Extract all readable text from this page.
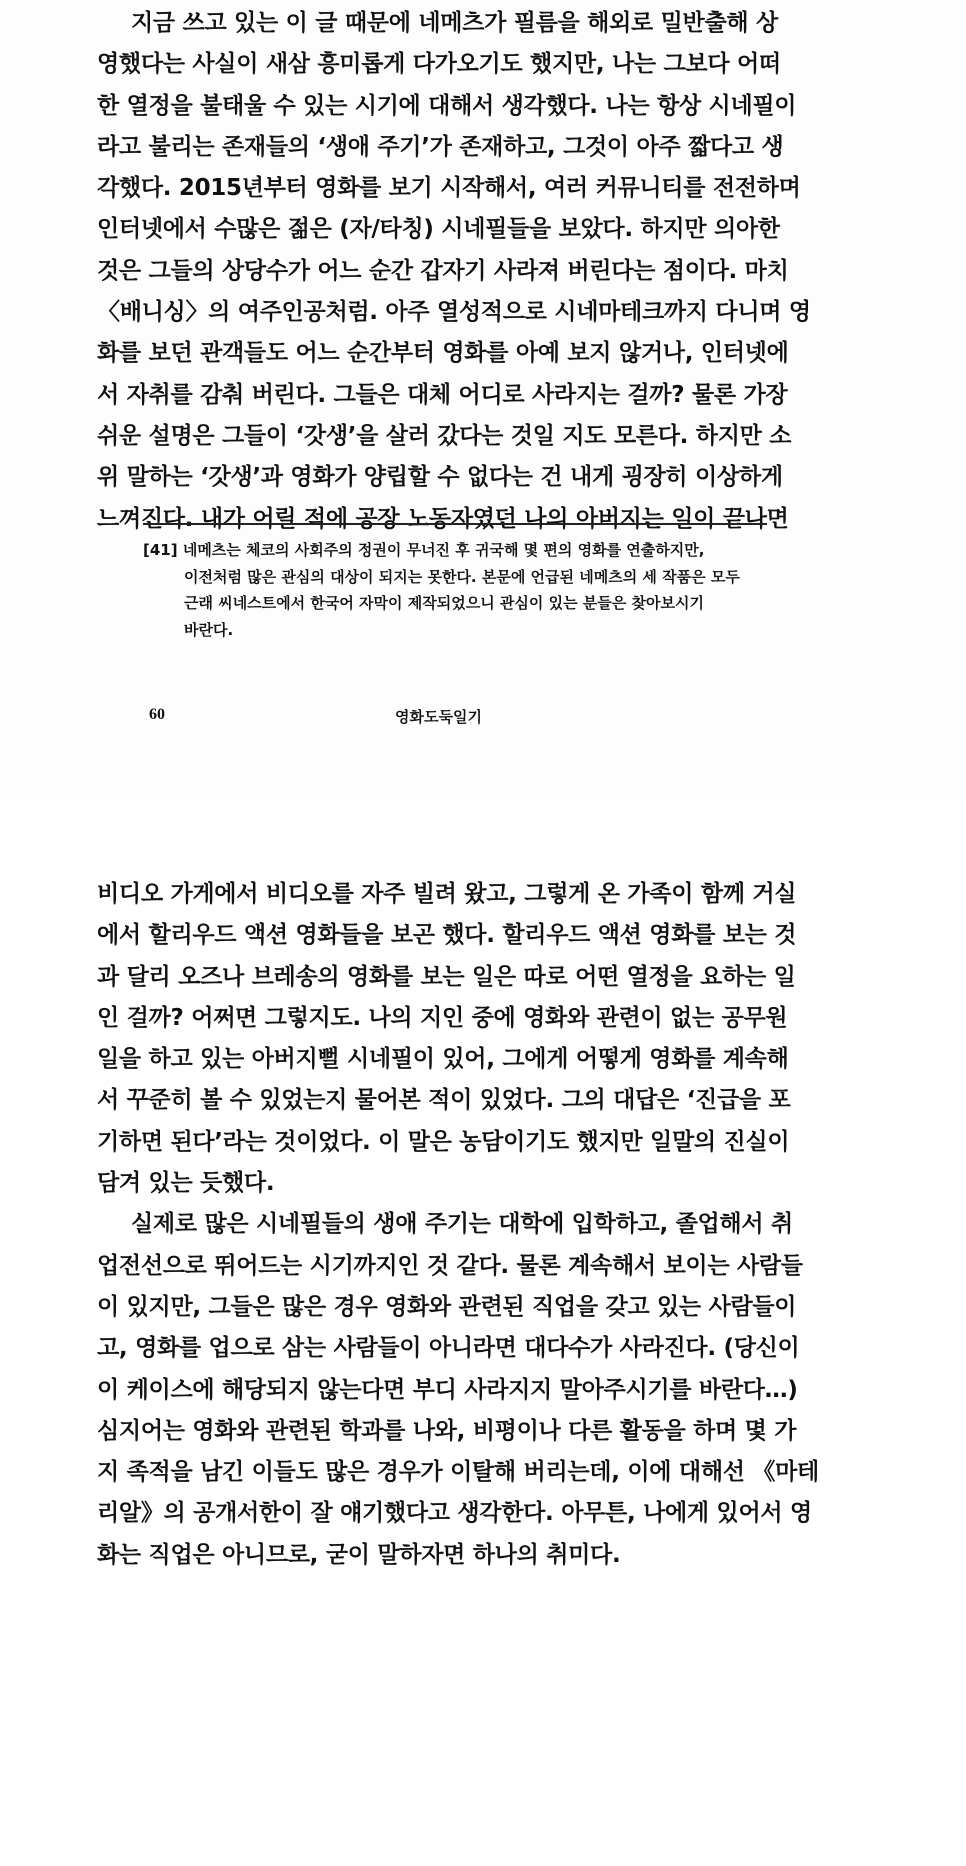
지금 쓰고 있는 이 글 때문에 네메츠가 필름을 해외로 밀반출해 상
영했다는 사실이 새삼 흥미롭게 다가오기도 했지만, 나는 그보다 어떠
한 열정을 불태울 수 있는 시기에 대해서 생각했다. 나는 항상 시네필이
라고 불리는 존재들의 ‘생애 주기’가 존재하고, 그것이 아주 짧다고 생
각했다. 2015년부터 영화를 보기 시작해서, 여러 커뮤니티를 전전하며
인터넷에서 수많은 젊은 (자/타칭) 시네필들을 보았다. 하지만 의아한
것은 그들의 상당수가 어느 순간 갑자기 사라져 버린다는 점이다. 마치
〈배니싱〉의 여주인공처럼. 아주 열성적으로 시네마테크까지 다니며 영
화를 보던 관객들도 어느 순간부터 영화를 아예 보지 않거나, 인터넷에
서 자취를 감춰 버린다. 그들은 대체 어디로 사라지는 걸까? 물론 가장
쉬운 설명은 그들이 ‘갓생’을 살러 갔다는 것일 지도 모른다. 하지만 소
위 말하는 ‘갓생’과 영화가 양립할 수 없다는 건 내게 굉장히 이상하게
느껴진다. 내가 어릴 적에 공장 노동자였던 나의 아버지는 일이 끝나면
[41] 네메츠는 체코의 사회주의 정권이 무너진 후 귀국해 몇 편의 영화를 연출하지만,
이전처럼 많은 관심의 대상이 되지는 못한다. 본문에 언급된 네메츠의 세 작품은 모두
근래 씨네스트에서 한국어 자막이 제작되었으니 관심이 있는 분들은 찾아보시기
바란다.
60	영화도둑일기
비디오 가게에서 비디오를 자주 빌려 왔고, 그렇게 온 가족이 함께 거실
에서 할리우드 액션 영화들을 보곤 했다. 할리우드 액션 영화를 보는 것
과 달리 오즈나 브레송의 영화를 보는 일은 따로 어떤 열정을 요하는 일
인 걸까? 어쩌면 그렇지도. 나의 지인 중에 영화와 관련이 없는 공무원
일을 하고 있는 아버지뻘 시네필이 있어, 그에게 어떻게 영화를 계속해
서 꾸준히 볼 수 있었는지 물어본 적이 있었다. 그의 대답은 ‘진급을 포
기하면 된다’라는 것이었다. 이 말은 농담이기도 했지만 일말의 진실이
담겨 있는 듯했다.
실제로 많은 시네필들의 생애 주기는 대학에 입학하고, 졸업해서 취
업전선으로 뛰어드는 시기까지인 것 같다. 물론 계속해서 보이는 사람들
이 있지만, 그들은 많은 경우 영화와 관련된 직업을 갖고 있는 사람들이
고, 영화를 업으로 삼는 사람들이 아니라면 대다수가 사라진다. (당신이
이 케이스에 해당되지 않는다면 부디 사라지지 말아주시기를 바란다…)
심지어는 영화와 관련된 학과를 나와, 비평이나 다른 활동을 하며 몇 가
지 족적을 남긴 이들도 많은 경우가 이탈해 버리는데, 이에 대해선 《마테
리알》의 공개서한이 잘 얘기했다고 생각한다. 아무튼, 나에게 있어서 영
화는 직업은 아니므로, 굳이 말하자면 하나의 취미다.
